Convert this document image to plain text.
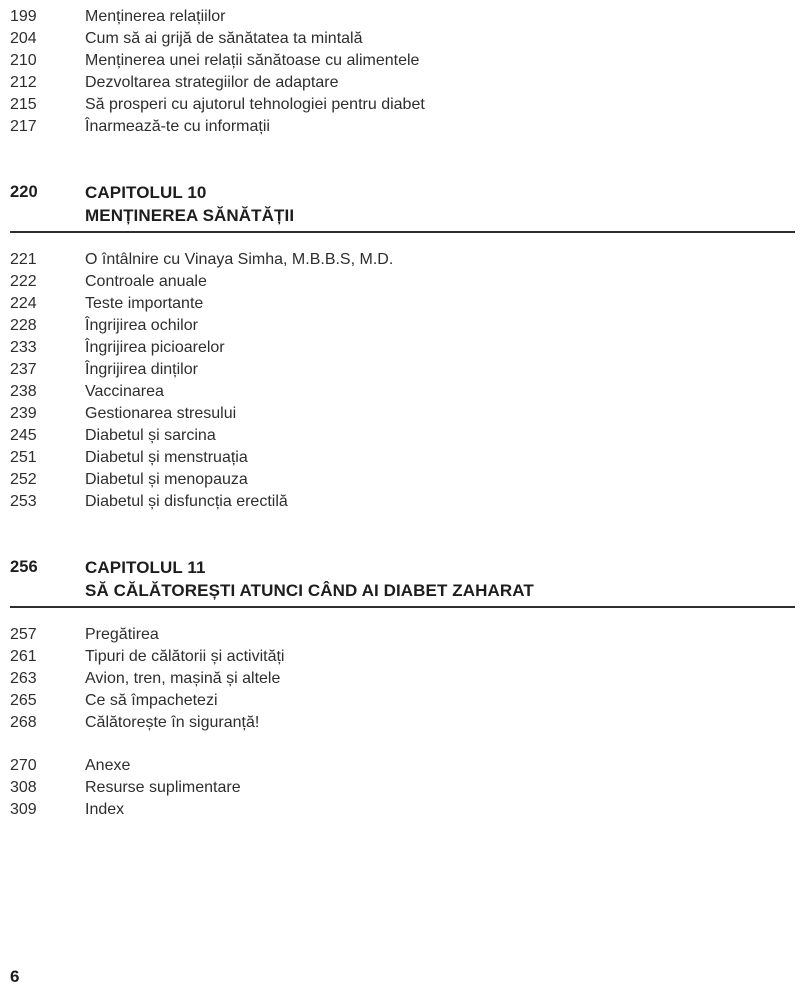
199	Menținerea relațiilor
204	Cum să ai grijă de sănătatea ta mintală
210	Menținerea unei relații sănătoase cu alimentele
212	Dezvoltarea strategiilor de adaptare
215	Să prosperi cu ajutorul tehnologiei pentru diabet
217	Înarmează-te cu informații
220	CAPITOLUL 10
MENȚINEREA SĂNĂTĂȚII
221	O întâlnire cu Vinaya Simha, M.B.B.S, M.D.
222	Controale anuale
224	Teste importante
228	Îngrijirea ochilor
233	Îngrijirea picioarelor
237	Îngrijirea dinților
238	Vaccinarea
239	Gestionarea stresului
245	Diabetul și sarcina
251	Diabetul și menstruația
252	Diabetul și menopauza
253	Diabetul și disfuncția erectilă
256	CAPITOLUL 11
SĂ CĂLĂTOREȘTI ATUNCI CÂND AI DIABET ZAHARAT
257	Pregătirea
261	Tipuri de călătorii și activități
263	Avion, tren, mașină și altele
265	Ce să împachetezi
268	Călătorește în siguranță!
270	Anexe
308	Resurse suplimentare
309	Index
6
